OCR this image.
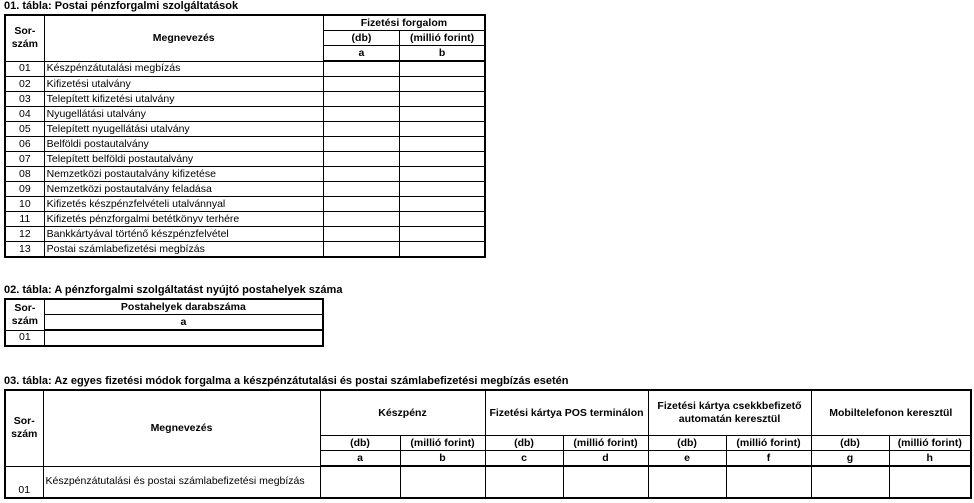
01. tábla: Postai pénzforgalmi szolgáltatások
Sor-
szám	Megnevezés	Fizetési forgalom	
		(db)	(millió forint)
		a	b
01	Készpénzátutalási megbízás		
02	Kifizetési utalvány		
03	Telepített kifizetési utalvány		
04	Nyugellátási utalvány		
05	Telepített nyugellátási utalvány		
06	Belföldi postautalvány		
07	Telepített belföldi postautalvány		
08	Nemzetközi postautalvány kifizetése		
09	Nemzetközi postautalvány feladása		
10	Kifizetés készpénzfelvételi utalvánnyal		
11	Kifizetés pénzforgalmi betétkönyv terhére		
12	Bankkártyával történő készpénzfelvétel		
13	Postai számlabefizetési megbízás		
02. tábla: A pénzforgalmi szolgáltatást nyújtó postahelyek száma
Sor-
szám	Postahelyek darabszáma
	a
01	
03. tábla: Az egyes fizetési módok forgalma a készpénzátutalási és postai számlabefizetési megbízás esetén
Sor-
szám	Megnevezés	Készpénz		Fizetési kártya POS terminálon		Fizetési kártya csekkbefizető automatán keresztül		Mobiltelefonon keresztül	
		(db)	(millió forint)	(db)	(millió forint)	(db)	(millió forint)	(db)	(millió forint)
		a	b	c	d	e	f	g	h
01	Készpénzátutalási és postai számlabefizetési megbízás								
